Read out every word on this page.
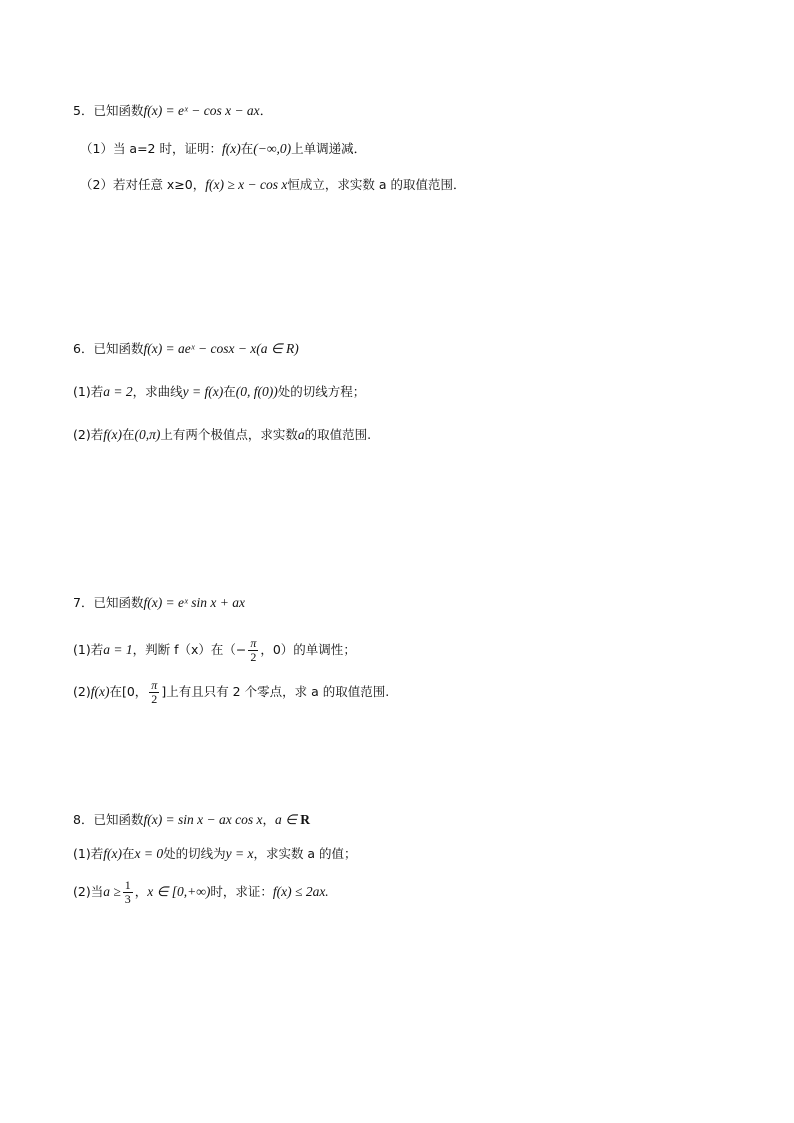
5．已知函数f(x) = eˣ − cos x − ax．
（1）当 a=2 时，证明：f(x)在(−∞,0)上单调递减．
（2）若对任意 x≥0，f(x) ≥ x − cos x恒成立，求实数 a 的取值范围．
6．已知函数f(x) = aeˣ − cosx − x(a ∈ R)
(1)若a = 2，求曲线y = f(x)在(0, f(0))处的切线方程；
(2)若f(x)在(0,π)上有两个极值点，求实数a的取值范围.
7．已知函数f(x) = eˣ sin x + ax
(1)若a = 1，判断 f（x）在（− $\frac{\pi}{2}$ ，0）的单调性；
(2)f(x)在[0， $\frac{\pi}{2}$ ]上有且只有 2 个零点，求 a 的取值范围.
8．已知函数f(x) = sin x − ax cos x，a ∈ R
(1)若f(x)在x = 0处的切线为y = x，求实数 a 的值；
(2)当$a \ge \frac{1}{3}$ ，x ∈ [0,+∞)时，求证：f(x) ≤ 2ax.
